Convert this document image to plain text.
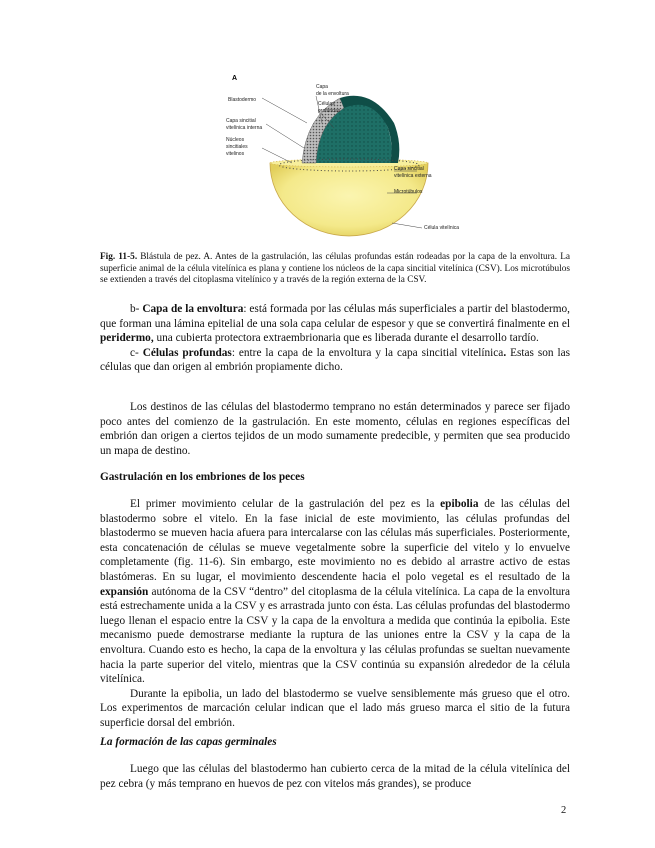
A
Capa
de la envoltura
Células
profundas
Blastodermo
Capa sincitial
vitelínica interna
Núcleos
sincitiales
vitelinos
Capa sincitial
vitelínica externa
Microtúbulos
Célula vitelínica
Fig. 11-5. Blástula de pez. A. Antes de la gastrulación, las células profundas están rodeadas por la capa de la envoltura. La superficie animal de la célula vitelínica es plana y contiene los núcleos de la capa sincitial vitelínica (CSV). Los microtúbulos se extienden a través del citoplasma vitelínico y a través de la región externa de la CSV.

b- Capa de la envoltura: está formada por las células más superficiales a partir del blastodermo, que forman una lámina epitelial de una sola capa celular de espesor y que se convertirá finalmente en el peridermo, una cubierta protectora extraembrionaria que es liberada durante el desarrollo tardío.

c- Células profundas: entre la capa de la envoltura y la capa sincitial vitelínica. Estas son las células que dan origen al embrión propiamente dicho.

Los destinos de las células del blastodermo temprano no están determinados y parece ser fijado poco antes del comienzo de la gastrulación. En este momento, células en regiones específicas del embrión dan origen a ciertos tejidos de un modo sumamente predecible, y permiten que sea producido un mapa de destino.

Gastrulación en los embriones de los peces

El primer movimiento celular de la gastrulación del pez es la epibolia de las células del blastodermo sobre el vitelo. En la fase inicial de este movimiento, las células profundas del blastodermo se mueven hacia afuera para intercalarse con las células más superficiales. Posteriormente, esta concatenación de células se mueve vegetalmente sobre la superficie del vitelo y lo envuelve completamente (fig. 11-6). Sin embargo, este movimiento no es debido al arrastre activo de estas blastómeras. En su lugar, el movimiento descendente hacia el polo vegetal es el resultado de la expansión autónoma de la CSV “dentro” del citoplasma de la célula vitelínica. La capa de la envoltura está estrechamente unida a la CSV y es arrastrada junto con ésta. Las células profundas del blastodermo luego llenan el espacio entre la CSV y la capa de la envoltura a medida que continúa la epibolia. Este mecanismo puede demostrarse mediante la ruptura de las uniones entre la CSV y la capa de la envoltura. Cuando esto es hecho, la capa de la envoltura y las células profundas se sueltan nuevamente hacia la parte superior del vitelo, mientras que la CSV continúa su expansión alrededor de la célula vitelínica.

Durante la epibolia, un lado del blastodermo se vuelve sensiblemente más grueso que el otro. Los experimentos de marcación celular indican que el lado más grueso marca el sitio de la futura superficie dorsal del embrión.

La formación de las capas germinales

Luego que las células del blastodermo han cubierto cerca de la mitad de la célula vitelínica del pez cebra (y más temprano en huevos de pez con vitelos más grandes), se produce

2
